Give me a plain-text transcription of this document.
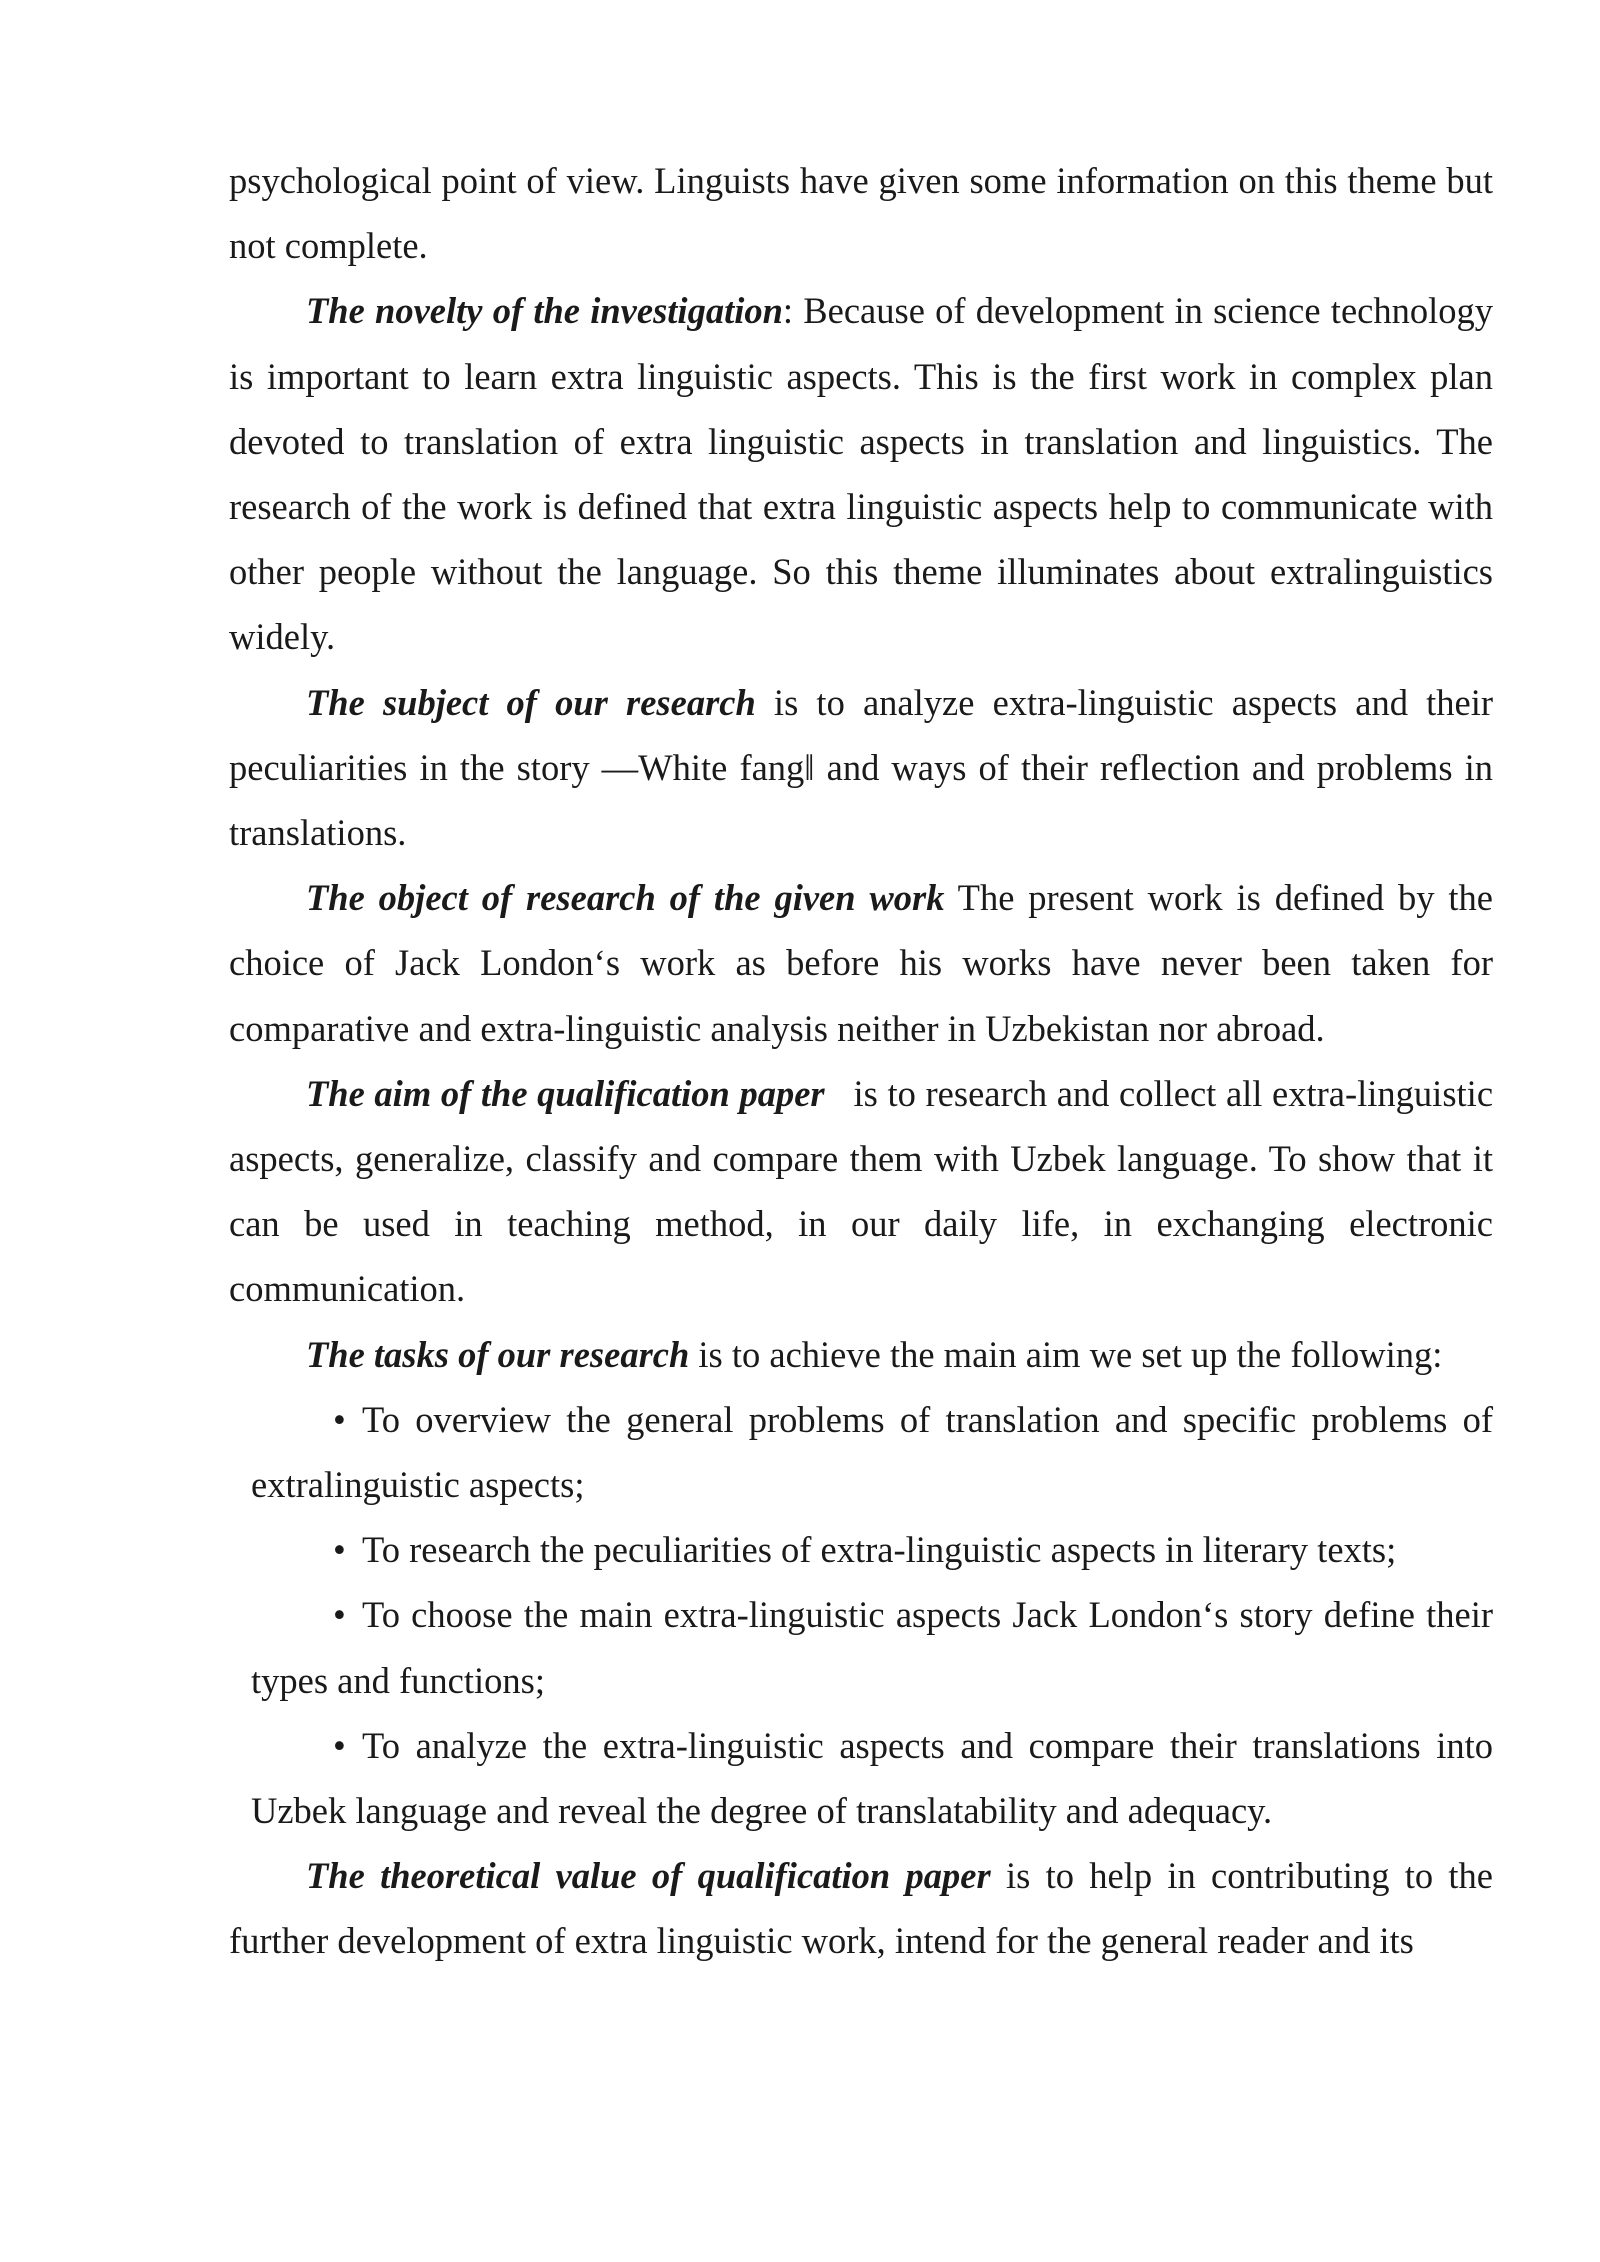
psychological point of view. Linguists have given some information on this theme but not complete.

The novelty of the investigation: Because of development in science technology is important to learn extra linguistic aspects. This is the first work in complex plan devoted to translation of extra linguistic aspects in translation and linguistics. The research of the work is defined that extra linguistic aspects help to communicate with other people without the language. So this theme illuminates about extralinguistics widely.

The subject of our research is to analyze extra-linguistic aspects and their peculiarities in the story ―White fang‖ and ways of their reflection and problems in translations.

The object of research of the given work The present work is defined by the choice of Jack London‘s work as before his works have never been taken for comparative and extra-linguistic analysis neither in Uzbekistan nor abroad.

The aim of the qualification paper   is to research and collect all extra-linguistic aspects, generalize, classify and compare them with Uzbek language. To show that it can be used in teaching method, in our daily life, in exchanging electronic communication.

The tasks of our research is to achieve the main aim we set up the following:

• To overview the general problems of translation and specific problems of extralinguistic aspects;
• To research the peculiarities of extra-linguistic aspects in literary texts;
• To choose the main extra-linguistic aspects Jack London‘s story define their types and functions;
• To analyze the extra-linguistic aspects and compare their translations into Uzbek language and reveal the degree of translatability and adequacy.

The theoretical value of qualification paper is to help in contributing to the further development of extra linguistic work, intend for the general reader and its
